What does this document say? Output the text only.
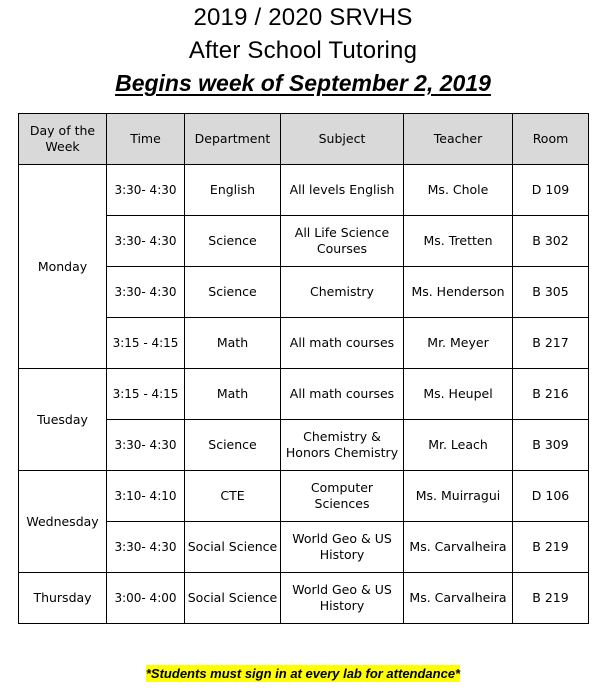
2019 / 2020 SRVHS
After School Tutoring
Begins week of September 2, 2019
Day of the Week	Time	Department	Subject	Teacher	Room
Monday	3:30- 4:30	English	All levels English	Ms. Chole	D 109
	3:30- 4:30	Science	All Life Science Courses	Ms. Tretten	B 302
	3:30- 4:30	Science	Chemistry	Ms. Henderson	B 305
	3:15 - 4:15	Math	All math courses	Mr. Meyer	B 217
Tuesday	3:15 - 4:15	Math	All math courses	Ms. Heupel	B 216
	3:30- 4:30	Science	Chemistry & Honors Chemistry	Mr. Leach	B 309
Wednesday	3:10- 4:10	CTE	Computer Sciences	Ms. Muirragui	D 106
	3:30- 4:30	Social Science	World Geo & US History	Ms. Carvalheira	B 219
Thursday	3:00- 4:00	Social Science	World Geo & US History	Ms. Carvalheira	B 219
*Students must sign in at every lab for attendance*
